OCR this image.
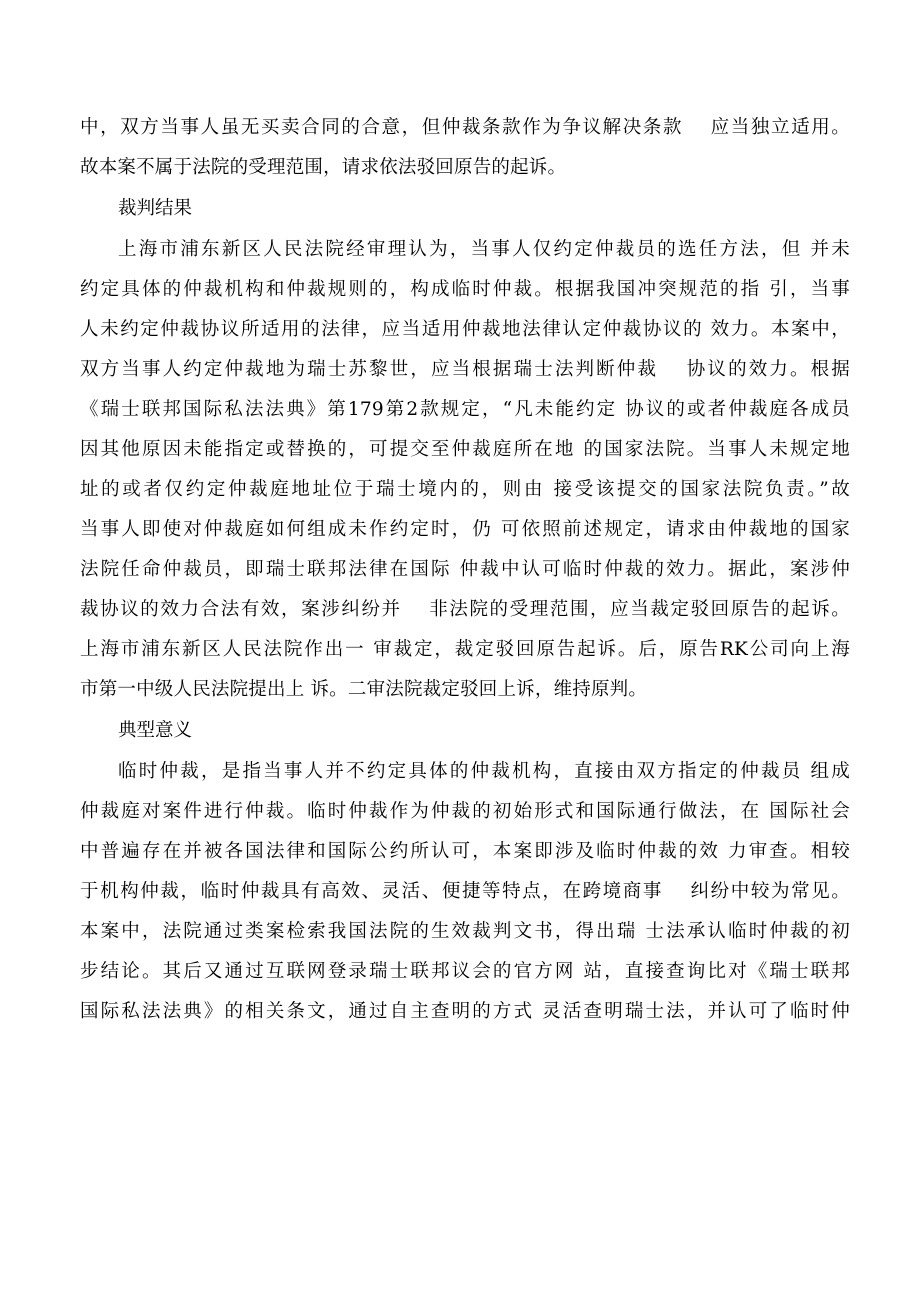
中，双方当事人虽无买卖合同的合意，但仲裁条款作为争议解决条款　 应当独立适用。
故本案不属于法院的受理范围，请求依法驳回原告的起诉。
裁判结果
上海市浦东新区人民法院经审理认为，当事人仅约定仲裁员的选任方法，但 并未
约定具体的仲裁机构和仲裁规则的，构成临时仲裁。根据我国冲突规范的指 引，当事
人未约定仲裁协议所适用的法律，应当适用仲裁地法律认定仲裁协议的 效力。本案中，
双方当事人约定仲裁地为瑞士苏黎世，应当根据瑞士法判断仲裁　 协议的效力。根据
《瑞士联邦国际私法法典》第179第2款规定，“凡未能约定 协议的或者仲裁庭各成员
因其他原因未能指定或替换的，可提交至仲裁庭所在地 的国家法院。当事人未规定地
址的或者仅约定仲裁庭地址位于瑞士境内的，则由 接受该提交的国家法院负责。”故
当事人即使对仲裁庭如何组成未作约定时，仍 可依照前述规定，请求由仲裁地的国家
法院任命仲裁员，即瑞士联邦法律在国际 仲裁中认可临时仲裁的效力。据此，案涉仲
裁协议的效力合法有效，案涉纠纷并　 非法院的受理范围，应当裁定驳回原告的起诉。
上海市浦东新区人民法院作出一 审裁定，裁定驳回原告起诉。后，原告RK公司向上海
市第一中级人民法院提出上 诉。二审法院裁定驳回上诉，维持原判。
典型意义
临时仲裁，是指当事人并不约定具体的仲裁机构，直接由双方指定的仲裁员 组成
仲裁庭对案件进行仲裁。临时仲裁作为仲裁的初始形式和国际通行做法，在 国际社会
中普遍存在并被各国法律和国际公约所认可，本案即涉及临时仲裁的效 力审查。相较
于机构仲裁，临时仲裁具有高效、灵活、便捷等特点，在跨境商事　 纠纷中较为常见。
本案中，法院通过类案检索我国法院的生效裁判文书，得出瑞 士法承认临时仲裁的初
步结论。其后又通过互联网登录瑞士联邦议会的官方网 站，直接查询比对《瑞士联邦
国际私法法典》的相关条文，通过自主查明的方式 灵活查明瑞士法，并认可了临时仲
